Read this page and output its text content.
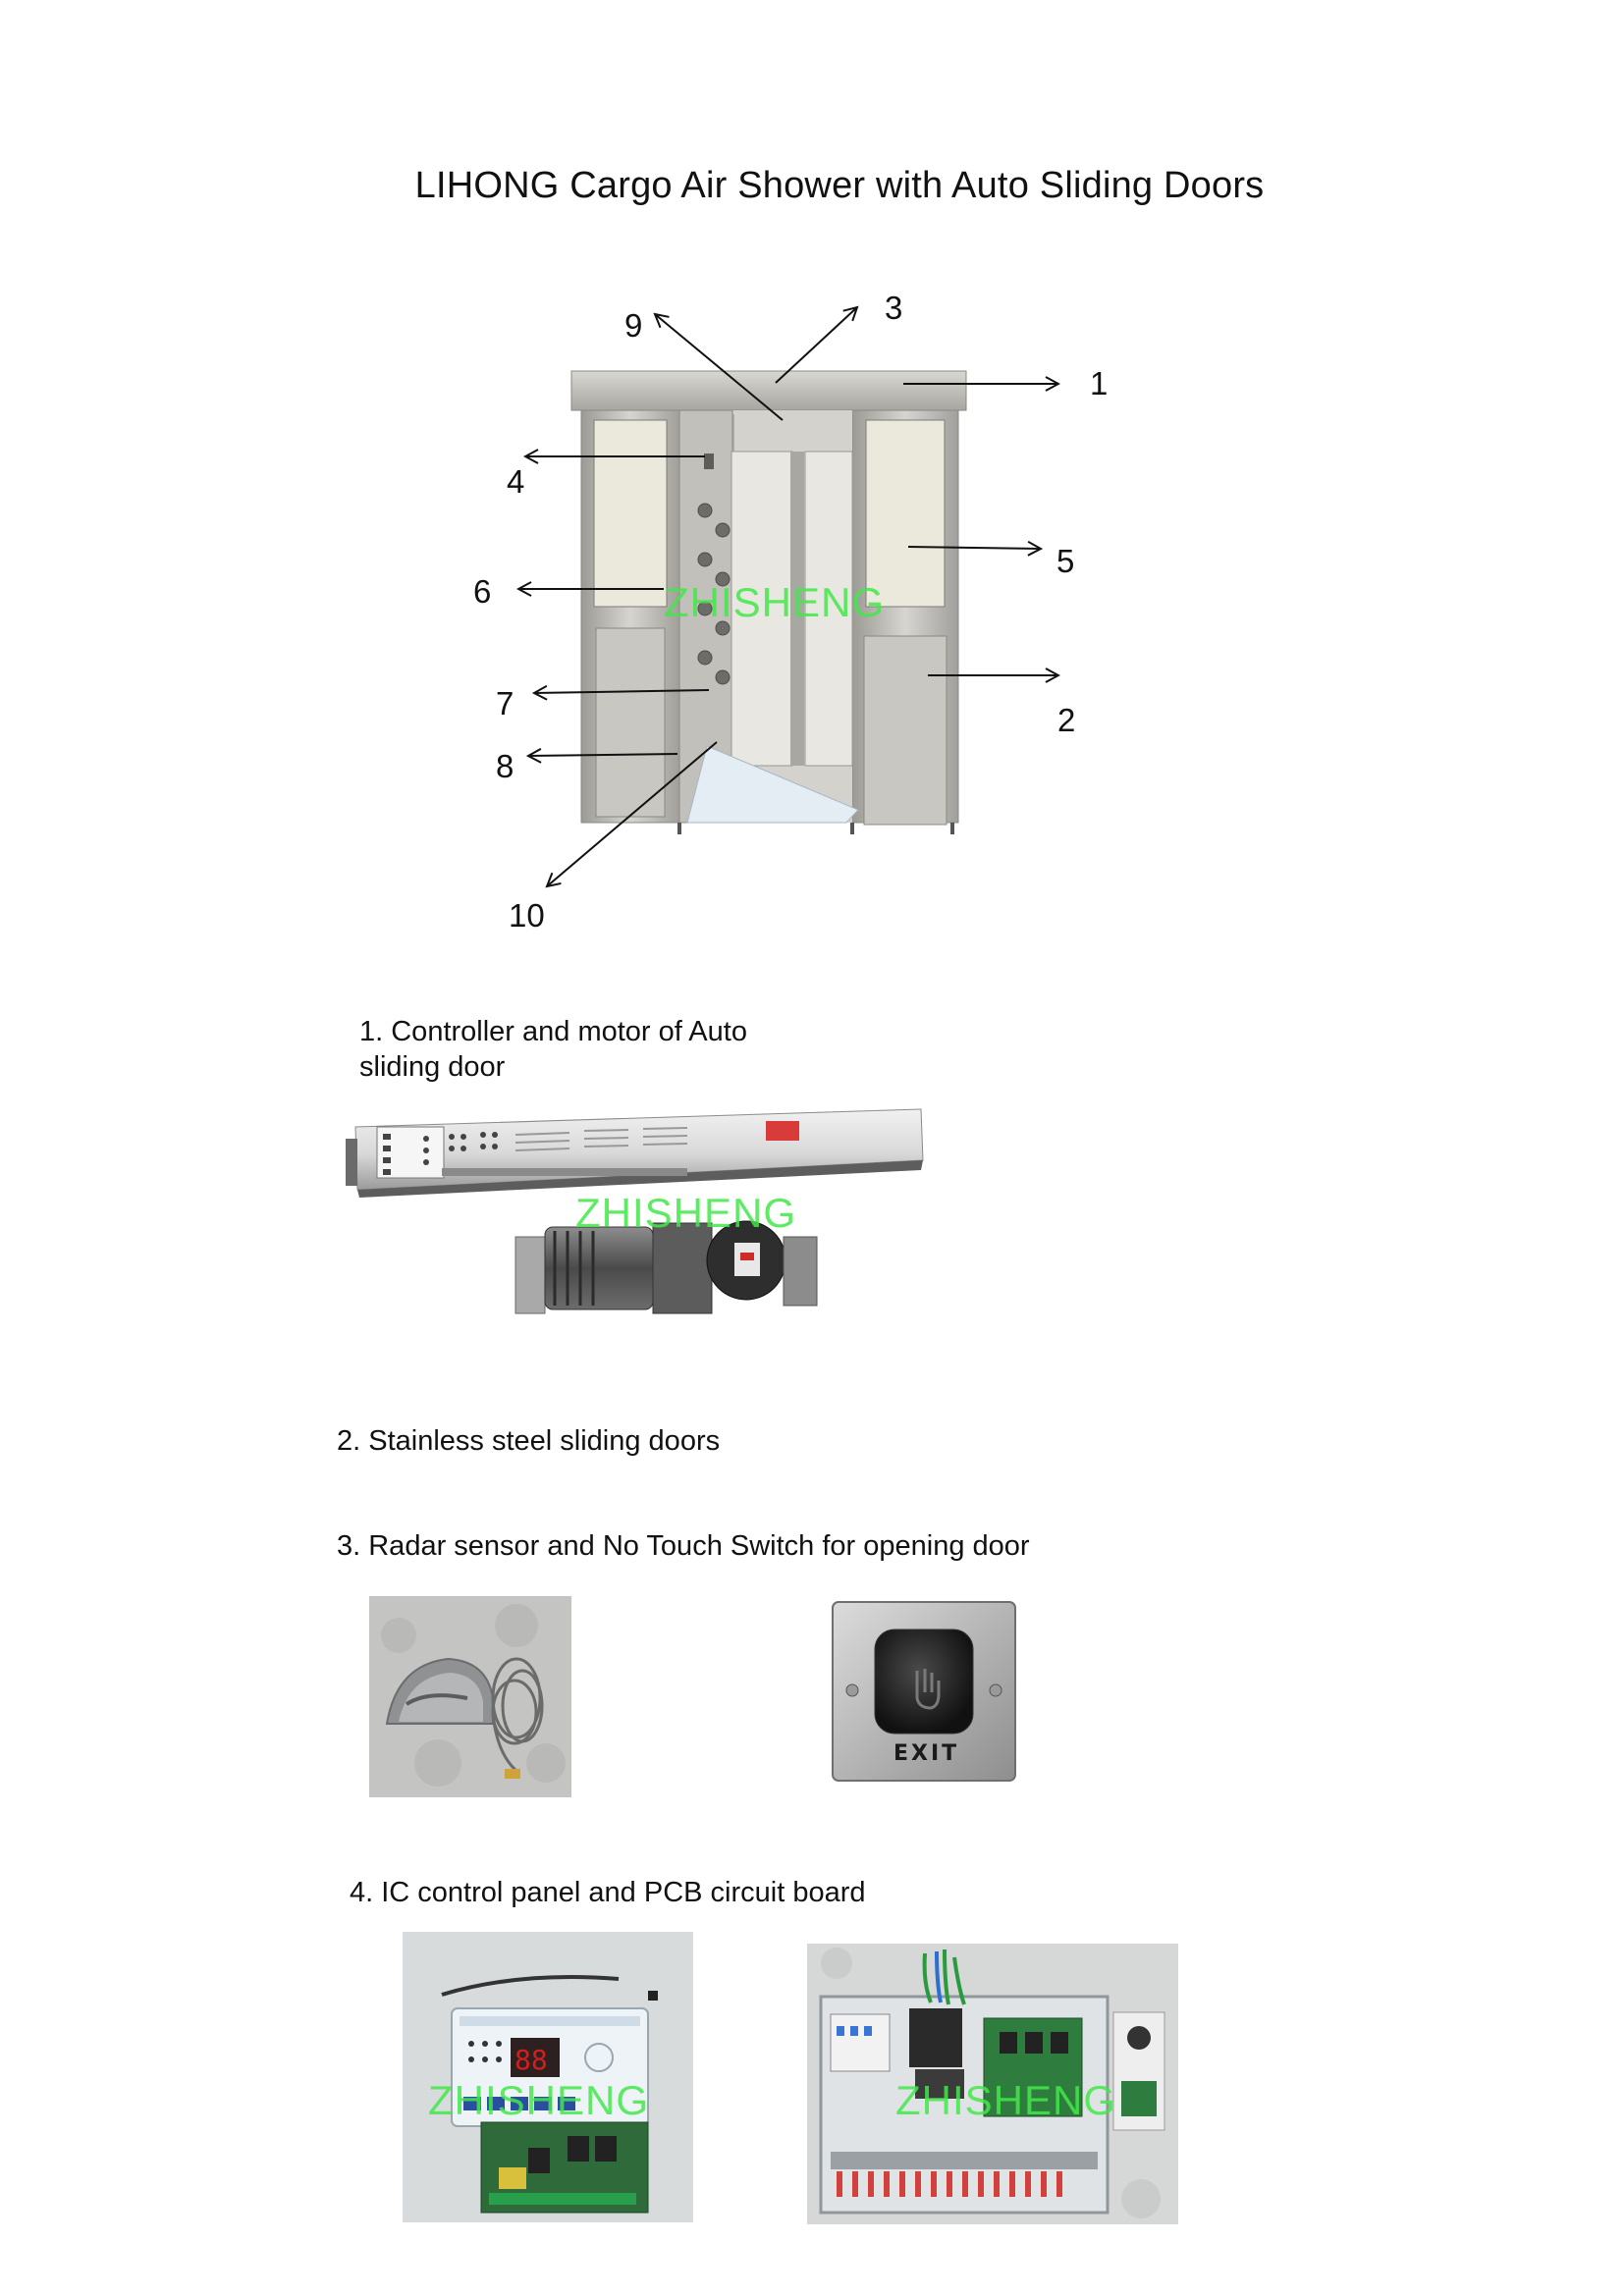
LIHONG Cargo Air Shower with Auto Sliding Doors
1
2
3
4
5
6
7
8
9
10
ZHISHENG
1. Controller and motor of Auto
sliding door
ZHISHENG
2. Stainless steel sliding doors
3. Radar sensor and No Touch Switch for opening door
EXIT
4. IC control panel and PCB circuit board
88
ZHISHENG	ZHISHENG
